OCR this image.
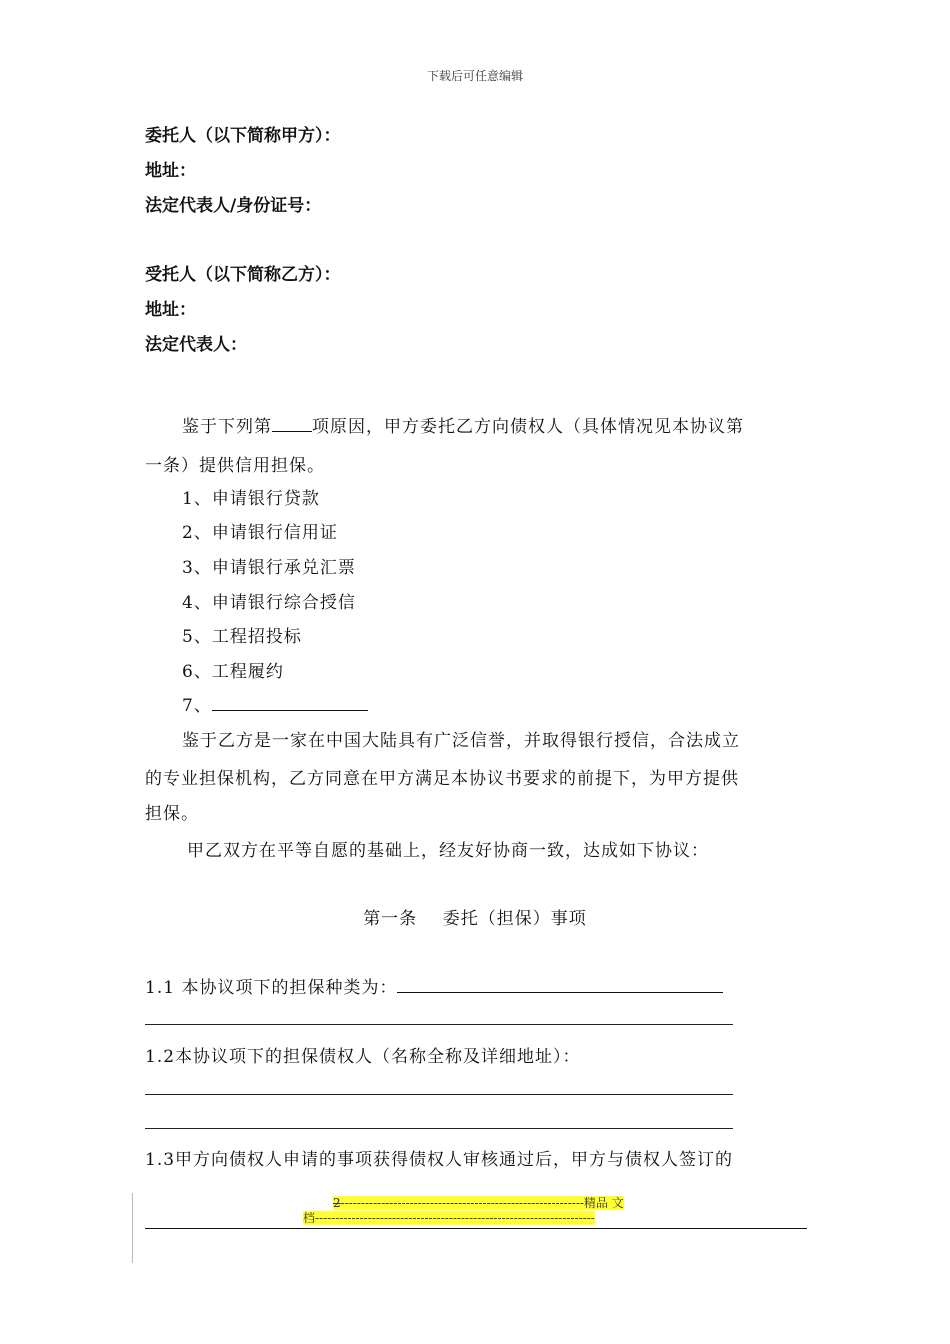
下载后可任意编辑
委托人（以下简称甲方）：
地址：
法定代表人/身份证号：
受托人（以下简称乙方）：
地址：
法定代表人：
鉴于下列第 项原因，甲方委托乙方向债权人（具体情况见本协议第
一条）提供信用担保。
1、申请银行贷款
2、申请银行信用证
3、申请银行承兑汇票
4、申请银行综合授信
5、工程招投标
6、工程履约
7、
鉴于乙方是一家在中国大陆具有广泛信誉，并取得银行授信，合法成立
的专业担保机构，乙方同意在甲方满足本协议书要求的前提下，为甲方提供
担保。
甲乙双方在平等自愿的基础上，经友好协商一致，达成如下协议：
第一条    委托（担保）事项
1.1 本协议项下的担保种类为：
1.2本协议项下的担保债权人（名称全称及详细地址）：
1.3甲方向债权人申请的事项获得债权人审核通过后，甲方与债权人签订的
2------------------------------------------------------------精品 文
档---------------------------------------------------------------------
